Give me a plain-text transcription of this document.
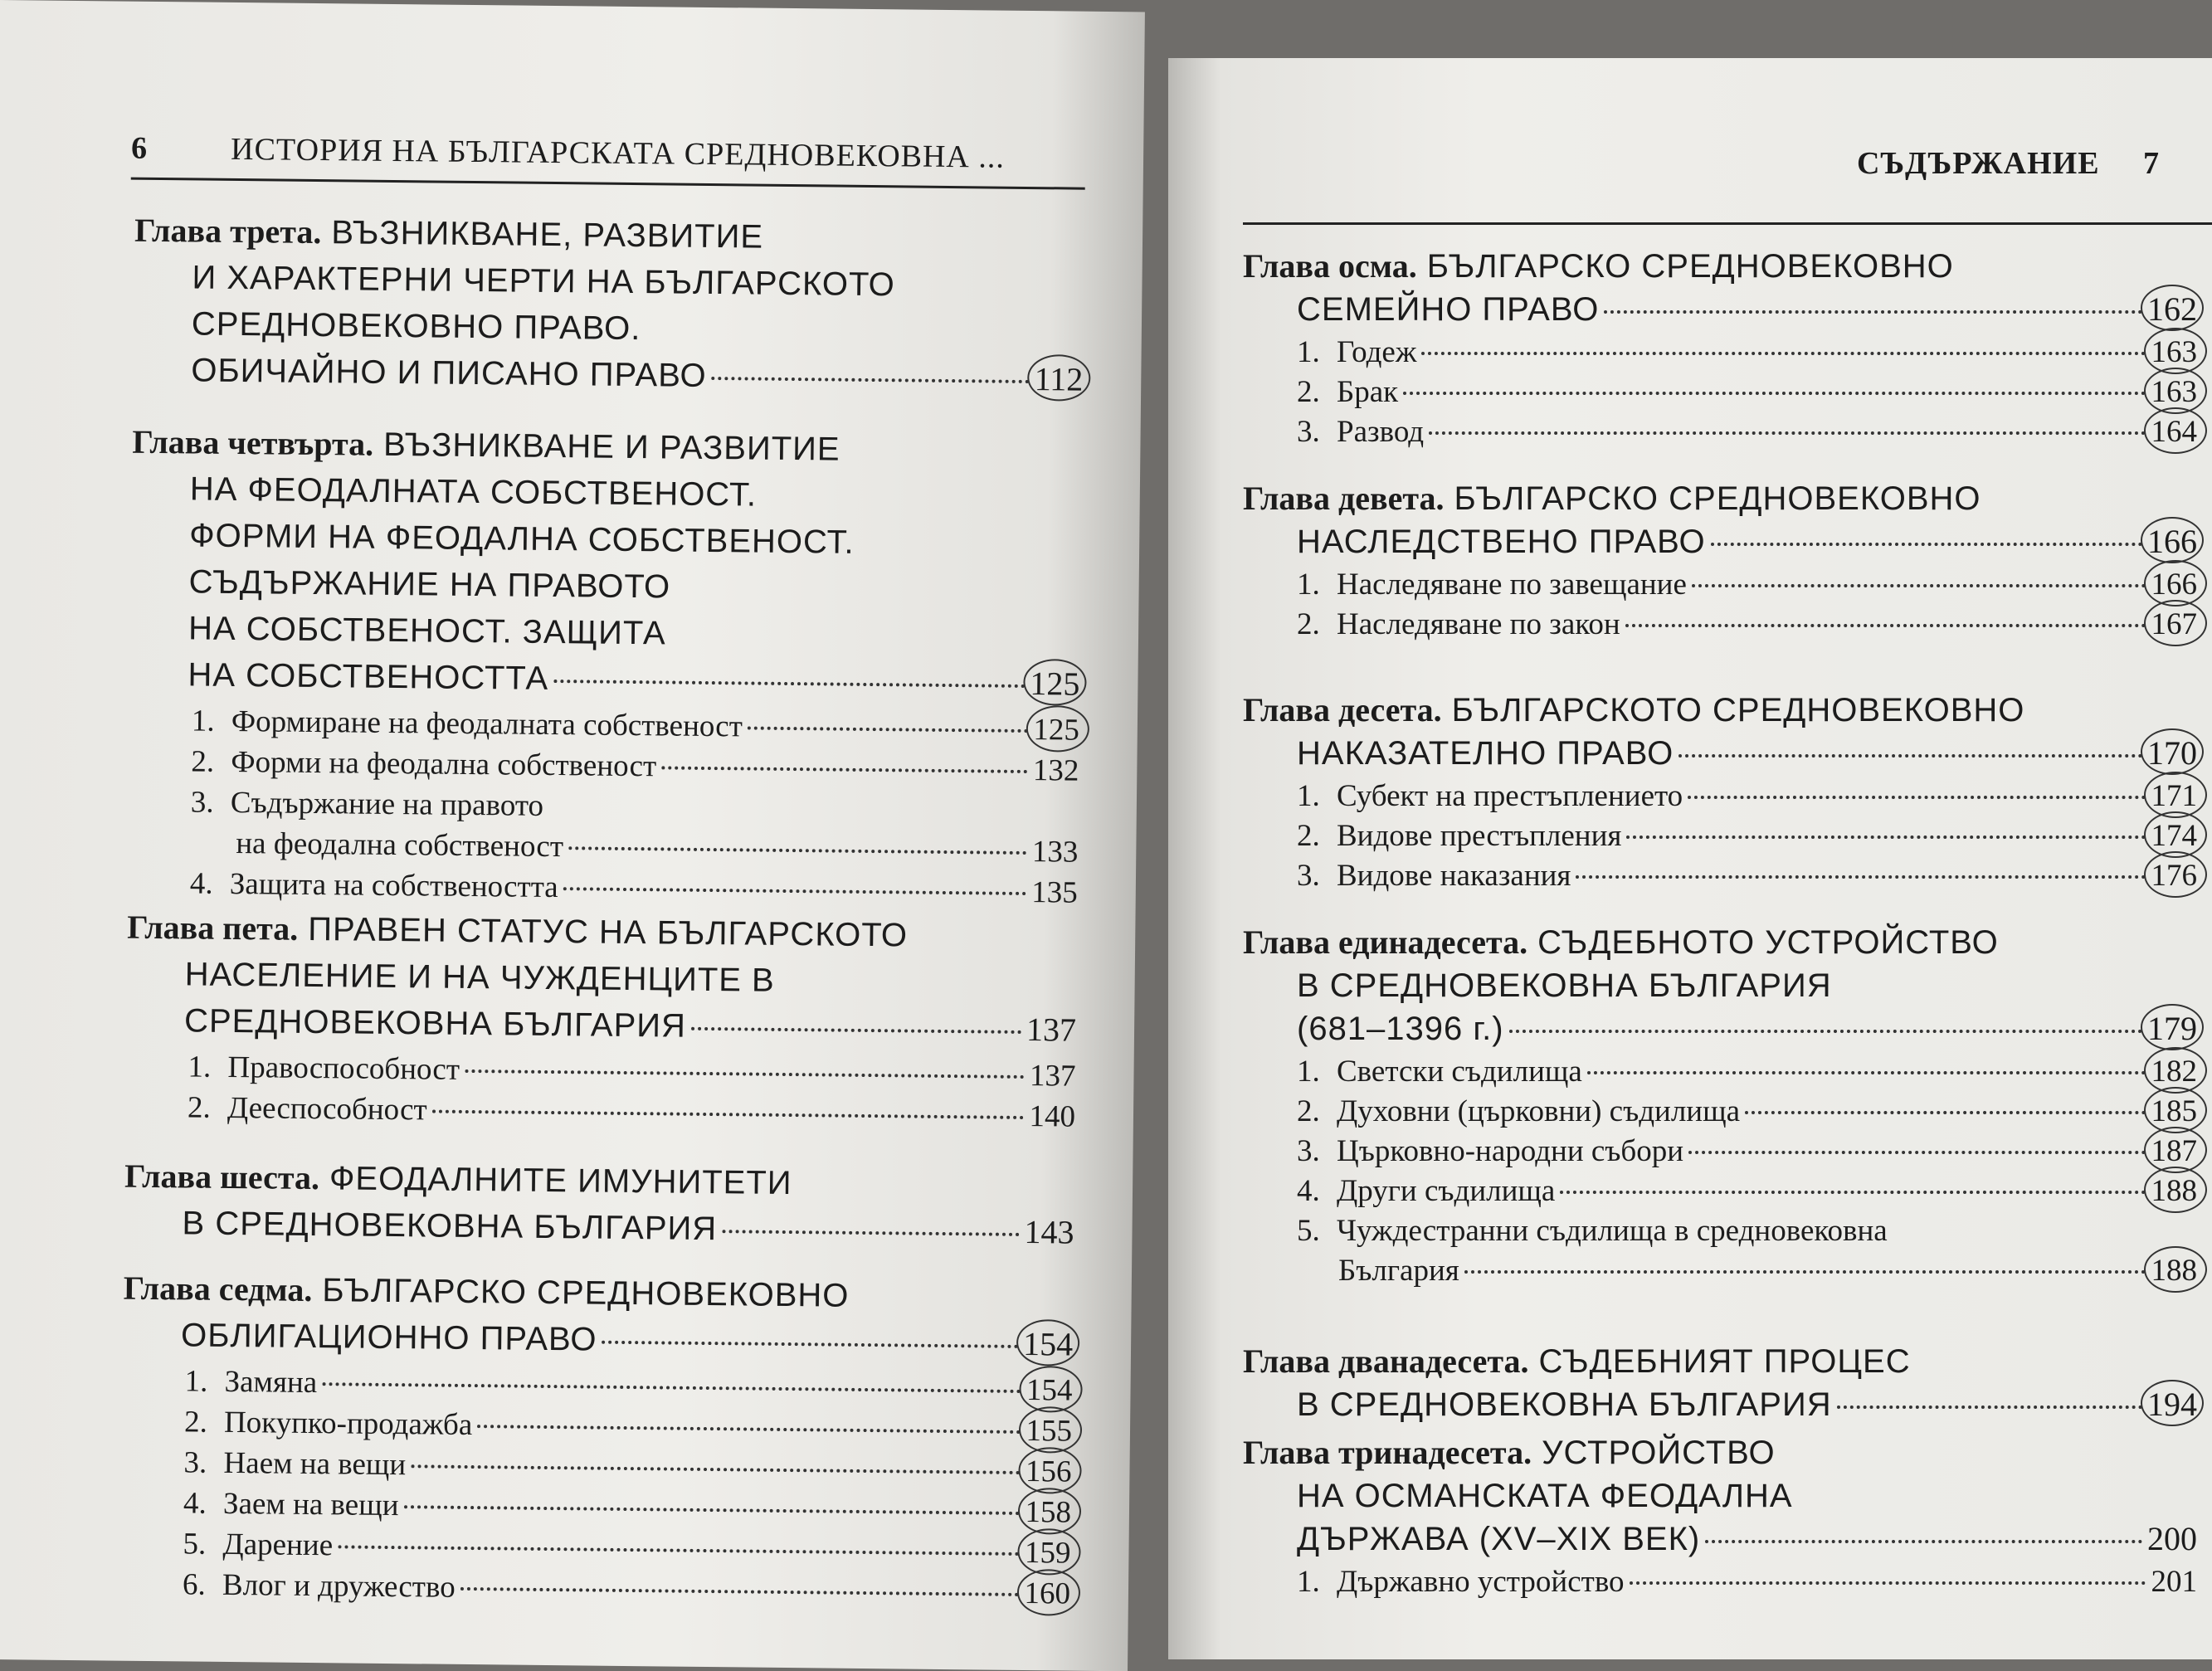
6	ИСТОРИЯ НА БЪЛГАРСКАТА СРЕДНОВЕКОВНА ...
Глава трета. ВЪЗНИКВАНЕ, РАЗВИТИЕ
И ХАРАКТЕРНИ ЧЕРТИ НА БЪЛГАРСКОТО
СРЕДНОВЕКОВНО ПРАВО.
ОБИЧАЙНО И ПИСАНО ПРАВО	112
Глава четвърта. ВЪЗНИКВАНЕ И РАЗВИТИЕ
НА ФЕОДАЛНАТА СОБСТВЕНОСТ.
ФОРМИ НА ФЕОДАЛНА СОБСТВЕНОСТ.
СЪДЪРЖАНИЕ НА ПРАВОТО
НА СОБСТВЕНОСТ. ЗАЩИТА
НА СОБСТВЕНОСТТА	125
1. Формиране на феодалната собственост	125
2. Форми на феодална собственост	132
3. Съдържание на правото
на феодална собственост	133
4. Защита на собствеността	135
Глава пета. ПРАВЕН СТАТУС НА БЪЛГАРСКОТО
НАСЕЛЕНИЕ И НА ЧУЖДЕНЦИТЕ В
СРЕДНОВЕКОВНА БЪЛГАРИЯ	137
1. Правоспособност	137
2. Дееспособност	140
Глава шеста. ФЕОДАЛНИТЕ ИМУНИТЕТИ
В СРЕДНОВЕКОВНА БЪЛГАРИЯ	143
Глава седма. БЪЛГАРСКО СРЕДНОВЕКОВНО
ОБЛИГАЦИОННО ПРАВО	154
1. Замяна	154
2. Покупко-продажба	155
3. Наем на вещи	156
4. Заем на вещи	158
5. Дарение	159
6. Влог и дружество	160
СЪДЪРЖАНИЕ 7
Глава осма. БЪЛГАРСКО СРЕДНОВЕКОВНО
СЕМЕЙНО ПРАВО	162
1. Годеж	163
2. Брак	163
3. Развод	164
Глава девета. БЪЛГАРСКО СРЕДНОВЕКОВНО
НАСЛЕДСТВЕНО ПРАВО	166
1. Наследяване по завещание	166
2. Наследяване по закон	167
Глава десета. БЪЛГАРСКОТО СРЕДНОВЕКОВНО
НАКАЗАТЕЛНО ПРАВО	170
1. Субект на престъплението	171
2. Видове престъпления	174
3. Видове наказания	176
Глава единадесета. СЪДЕБНОТО УСТРОЙСТВО
В СРЕДНОВЕКОВНА БЪЛГАРИЯ
(681–1396 г.)	179
1. Светски съдилища	182
2. Духовни (църковни) съдилища	185
3. Църковно-народни събори	187
4. Други съдилища	188
5. Чуждестранни съдилища в средновековна
България	188
Глава дванадесета. СЪДЕБНИЯТ ПРОЦЕС
В СРЕДНОВЕКОВНА БЪЛГАРИЯ	194
Глава тринадесета. УСТРОЙСТВО
НА ОСМАНСКАТА ФЕОДАЛНА
ДЪРЖАВА (XV–XIX ВЕК)	200
1. Държавно устройство	201
